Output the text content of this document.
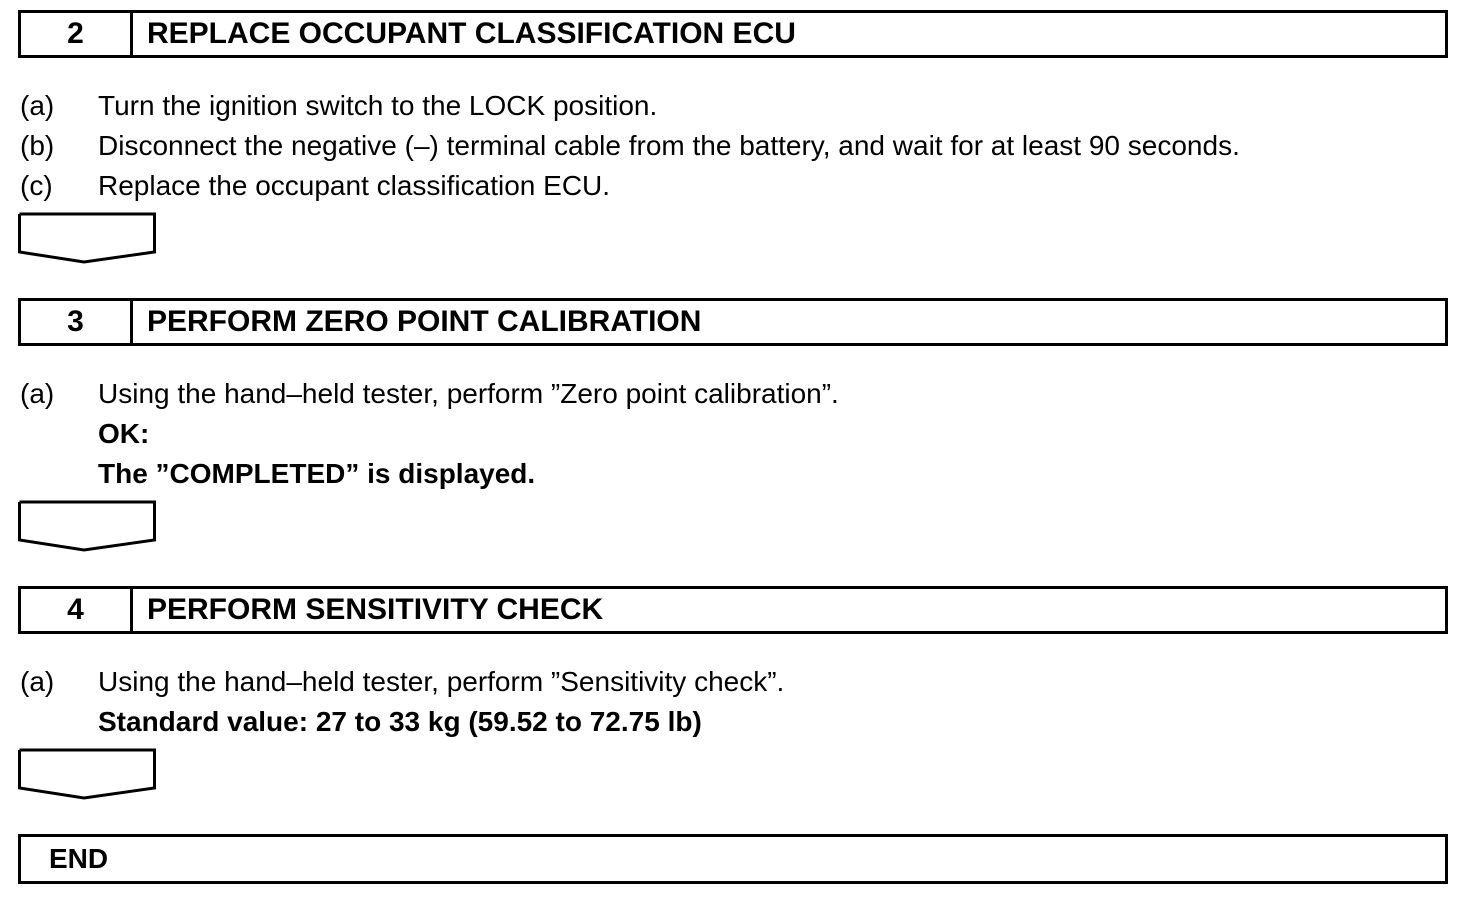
2	REPLACE OCCUPANT CLASSIFICATION ECU
(a) Turn the ignition switch to the LOCK position.
(b) Disconnect the negative (–) terminal cable from the battery, and wait for at least 90 seconds.
(c) Replace the occupant classification ECU.
3	PERFORM ZERO POINT CALIBRATION
(a) Using the hand–held tester, perform ”Zero point calibration”.
OK:
The ”COMPLETED” is displayed.
4	PERFORM SENSITIVITY CHECK
(a) Using the hand–held tester, perform ”Sensitivity check”.
Standard value: 27 to 33 kg (59.52 to 72.75 lb)
END
